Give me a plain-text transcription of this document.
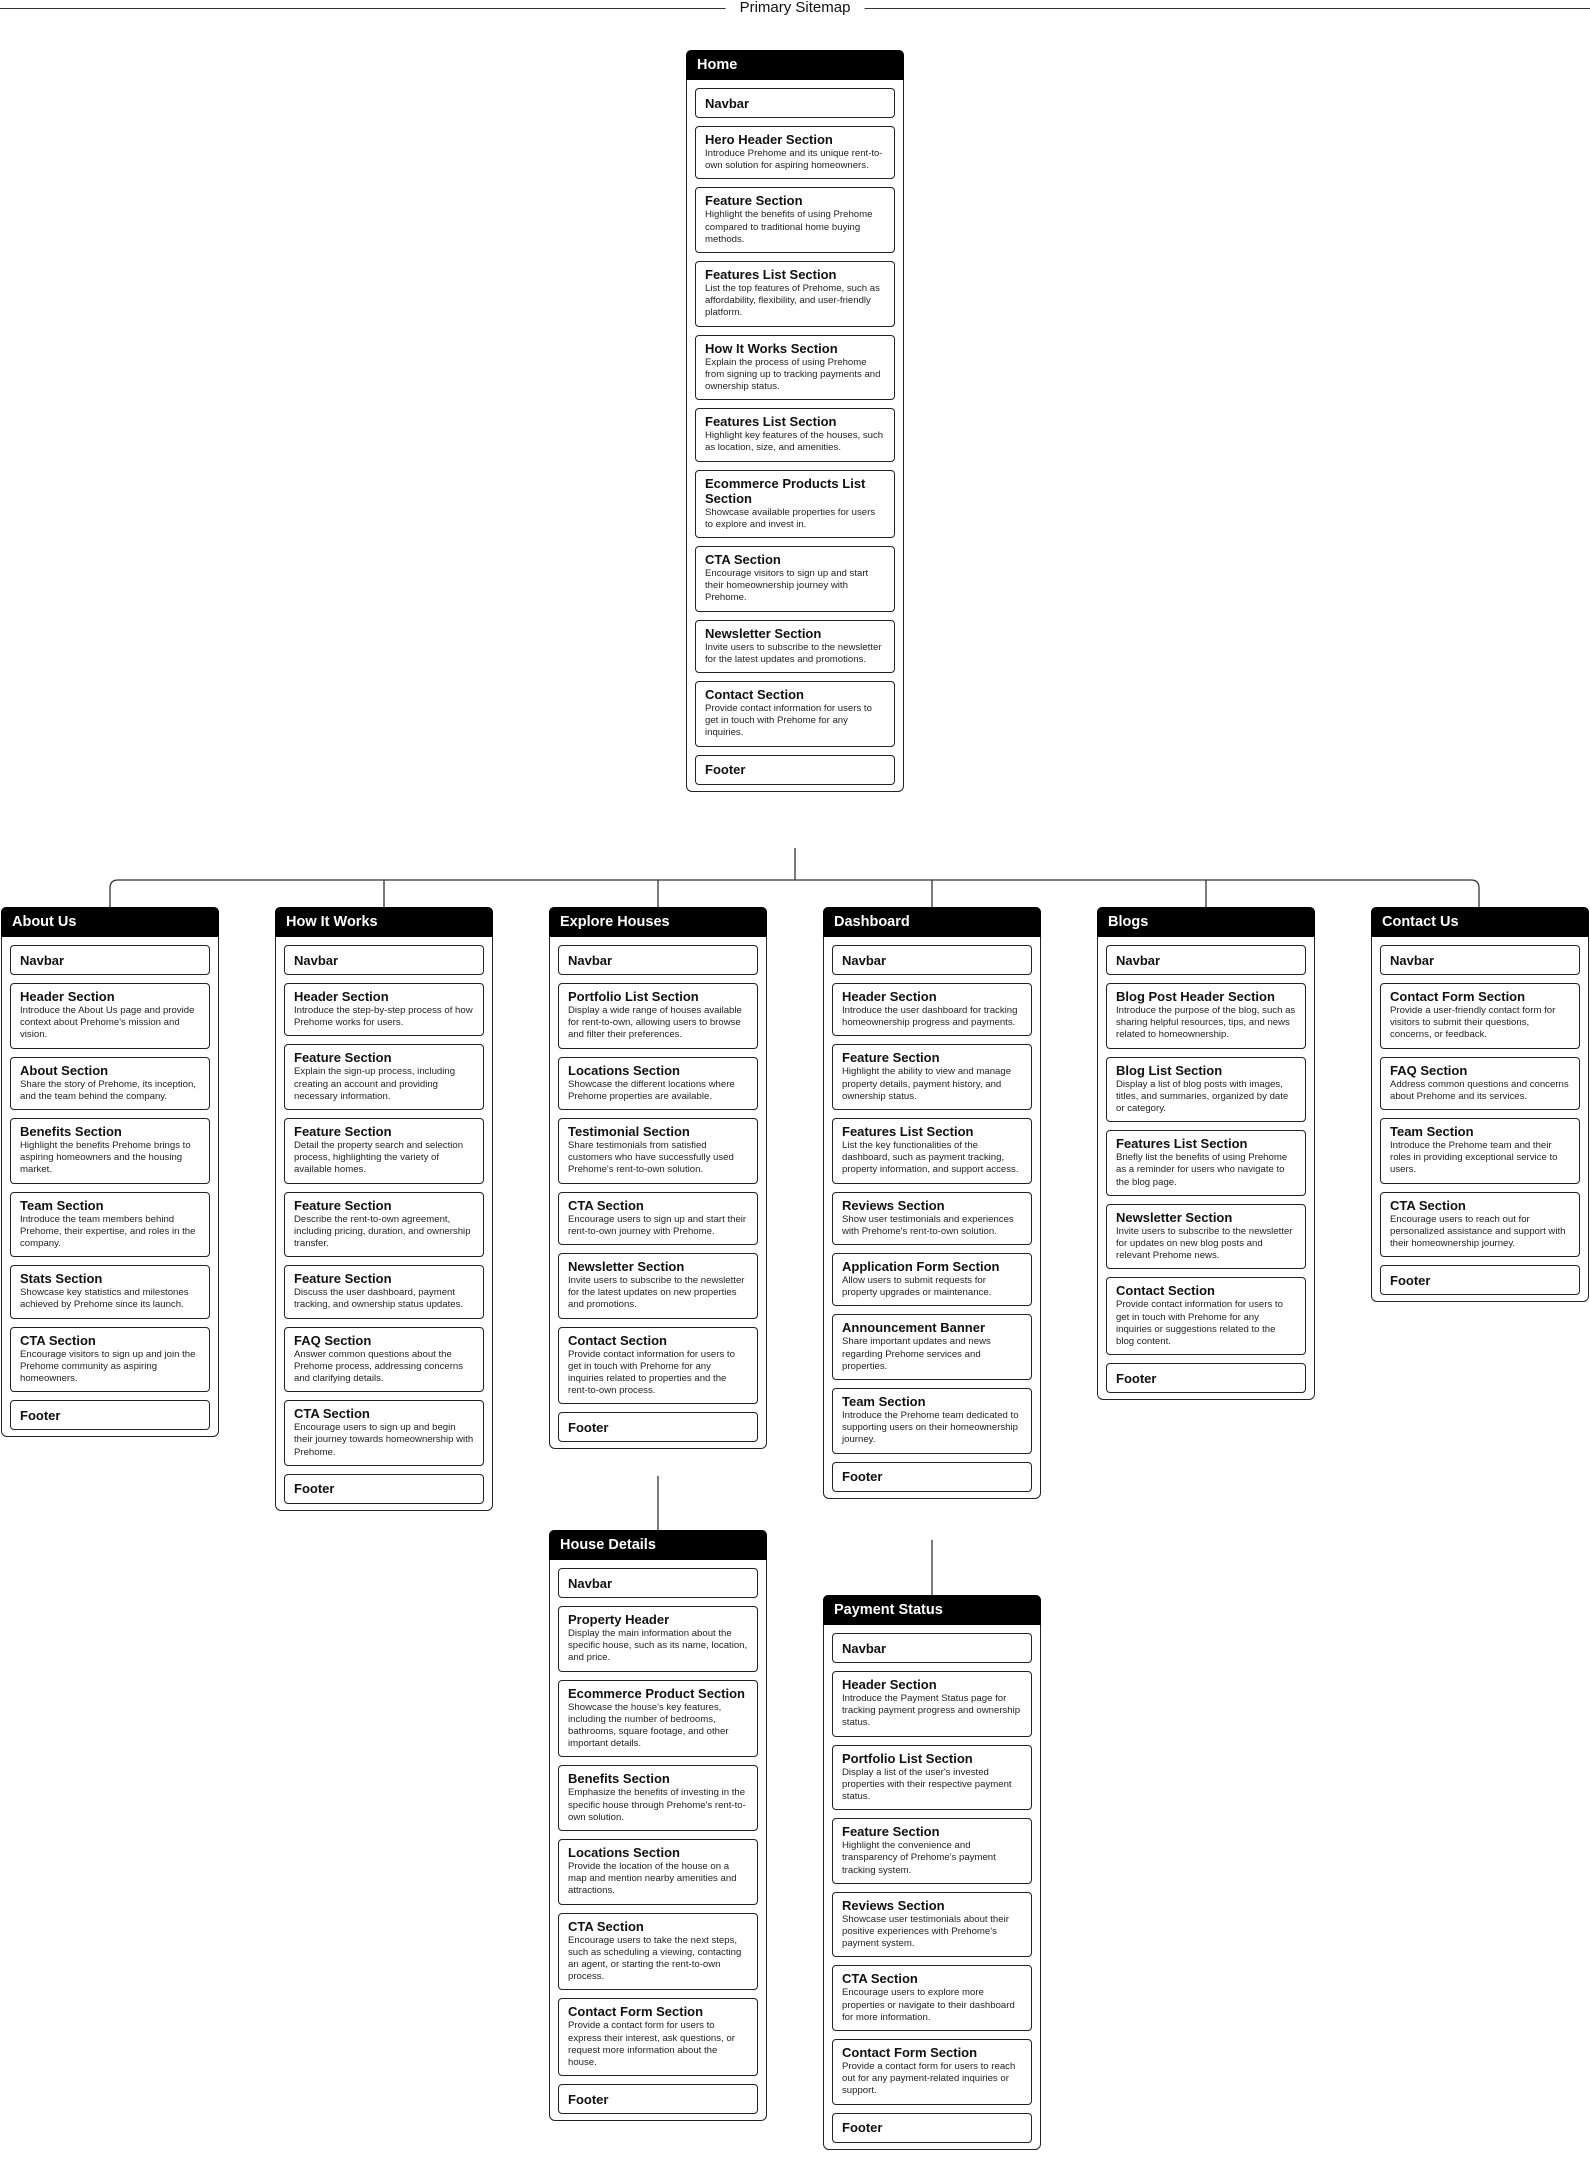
Primary Sitemap
Home
Navbar
Hero Header Section
Introduce Prehome and its unique rent-to-own solution for aspiring homeowners.
Feature Section
Highlight the benefits of using Prehome compared to traditional home buying methods.
Features List Section
List the top features of Prehome, such as affordability, flexibility, and user-friendly platform.
How It Works Section
Explain the process of using Prehome from signing up to tracking payments and ownership status.
Features List Section
Highlight key features of the houses, such as location, size, and amenities.
Ecommerce Products List Section
Showcase available properties for users to explore and invest in.
CTA Section
Encourage visitors to sign up and start their homeownership journey with Prehome.
Newsletter Section
Invite users to subscribe to the newsletter for the latest updates and promotions.
Contact Section
Provide contact information for users to get in touch with Prehome for any inquiries.
Footer
About Us
Navbar
Header Section
Introduce the About Us page and provide context about Prehome's mission and vision.
About Section
Share the story of Prehome, its inception, and the team behind the company.
Benefits Section
Highlight the benefits Prehome brings to aspiring homeowners and the housing market.
Team Section
Introduce the team members behind Prehome, their expertise, and roles in the company.
Stats Section
Showcase key statistics and milestones achieved by Prehome since its launch.
CTA Section
Encourage visitors to sign up and join the Prehome community as aspiring homeowners.
Footer
How It Works
Navbar
Header Section
Introduce the step-by-step process of how Prehome works for users.
Feature Section
Explain the sign-up process, including creating an account and providing necessary information.
Feature Section
Detail the property search and selection process, highlighting the variety of available homes.
Feature Section
Describe the rent-to-own agreement, including pricing, duration, and ownership transfer.
Feature Section
Discuss the user dashboard, payment tracking, and ownership status updates.
FAQ Section
Answer common questions about the Prehome process, addressing concerns and clarifying details.
CTA Section
Encourage users to sign up and begin their journey towards homeownership with Prehome.
Footer
Explore Houses
Navbar
Portfolio List Section
Display a wide range of houses available for rent-to-own, allowing users to browse and filter their preferences.
Locations Section
Showcase the different locations where Prehome properties are available.
Testimonial Section
Share testimonials from satisfied customers who have successfully used Prehome's rent-to-own solution.
CTA Section
Encourage users to sign up and start their rent-to-own journey with Prehome.
Newsletter Section
Invite users to subscribe to the newsletter for the latest updates on new properties and promotions.
Contact Section
Provide contact information for users to get in touch with Prehome for any inquiries related to properties and the rent-to-own process.
Footer
Dashboard
Navbar
Header Section
Introduce the user dashboard for tracking homeownership progress and payments.
Feature Section
Highlight the ability to view and manage property details, payment history, and ownership status.
Features List Section
List the key functionalities of the dashboard, such as payment tracking, property information, and support access.
Reviews Section
Show user testimonials and experiences with Prehome's rent-to-own solution.
Application Form Section
Allow users to submit requests for property upgrades or maintenance.
Announcement Banner
Share important updates and news regarding Prehome services and properties.
Team Section
Introduce the Prehome team dedicated to supporting users on their homeownership journey.
Footer
Blogs
Navbar
Blog Post Header Section
Introduce the purpose of the blog, such as sharing helpful resources, tips, and news related to homeownership.
Blog List Section
Display a list of blog posts with images, titles, and summaries, organized by date or category.
Features List Section
Briefly list the benefits of using Prehome as a reminder for users who navigate to the blog page.
Newsletter Section
Invite users to subscribe to the newsletter for updates on new blog posts and relevant Prehome news.
Contact Section
Provide contact information for users to get in touch with Prehome for any inquiries or suggestions related to the blog content.
Footer
Contact Us
Navbar
Contact Form Section
Provide a user-friendly contact form for visitors to submit their questions, concerns, or feedback.
FAQ Section
Address common questions and concerns about Prehome and its services.
Team Section
Introduce the Prehome team and their roles in providing exceptional service to users.
CTA Section
Encourage users to reach out for personalized assistance and support with their homeownership journey.
Footer
House Details
Navbar
Property Header
Display the main information about the specific house, such as its name, location, and price.
Ecommerce Product Section
Showcase the house's key features, including the number of bedrooms, bathrooms, square footage, and other important details.
Benefits Section
Emphasize the benefits of investing in the specific house through Prehome's rent-to-own solution.
Locations Section
Provide the location of the house on a map and mention nearby amenities and attractions.
CTA Section
Encourage users to take the next steps, such as scheduling a viewing, contacting an agent, or starting the rent-to-own process.
Contact Form Section
Provide a contact form for users to express their interest, ask questions, or request more information about the house.
Footer
Payment Status
Navbar
Header Section
Introduce the Payment Status page for tracking payment progress and ownership status.
Portfolio List Section
Display a list of the user's invested properties with their respective payment status.
Feature Section
Highlight the convenience and transparency of Prehome's payment tracking system.
Reviews Section
Showcase user testimonials about their positive experiences with Prehome's payment system.
CTA Section
Encourage users to explore more properties or navigate to their dashboard for more information.
Contact Form Section
Provide a contact form for users to reach out for any payment-related inquiries or support.
Footer
